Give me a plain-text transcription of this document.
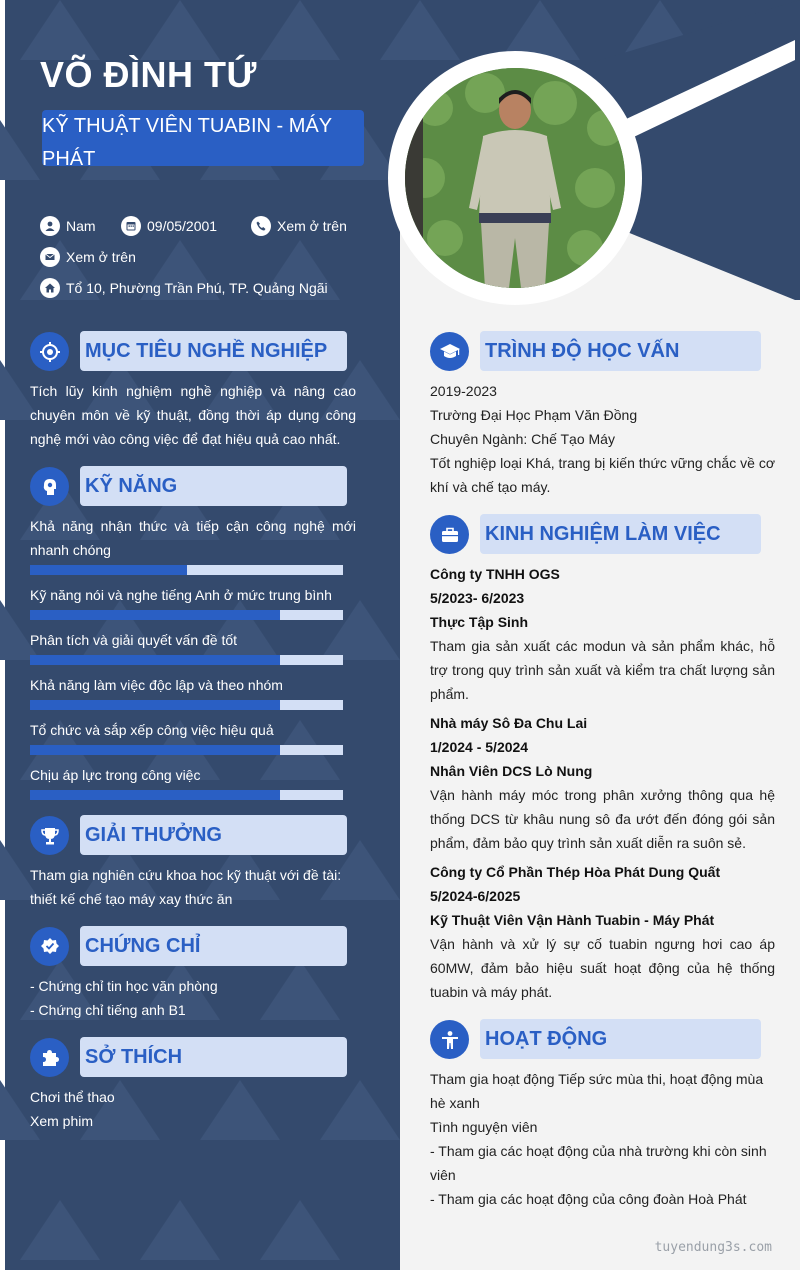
VÕ ĐÌNH TỨ
KỸ THUẬT VIÊN TUABIN - MÁY PHÁT
Nam	09/05/2001	Xem ở trên
Xem ở trên
Tổ 10, Phường Trần Phú, TP. Quảng Ngãi
MỤC TIÊU NGHỀ NGHIỆP
Tích lũy kinh nghiệm nghề nghiệp và nâng cao chuyên môn về kỹ thuật, đồng thời áp dụng công nghệ mới vào công việc để đạt hiệu quả cao nhất.
KỸ NĂNG
Khả năng nhận thức và tiếp cận công nghệ mới nhanh chóng
Kỹ năng nói và nghe tiếng Anh ở mức trung bình
Phân tích và giải quyết vấn đề tốt
Khả năng làm việc độc lập và theo nhóm
Tổ chức và sắp xếp công việc hiệu quả
Chịu áp lực trong công việc
GIẢI THƯỞNG
Tham gia nghiên cứu khoa hoc kỹ thuật với đề tài: thiết kế chế tạo máy xay thức ăn
CHỨNG CHỈ
- Chứng chỉ tin học văn phòng
- Chứng chỉ tiếng anh B1
SỞ THÍCH
Chơi thể thao
Xem phim
TRÌNH ĐỘ HỌC VẤN
2019-2023
Trường Đại Học Phạm Văn Đồng
Chuyên Ngành: Chế Tạo Máy
Tốt nghiệp loại Khá, trang bị kiến thức vững chắc về cơ khí và chế tạo máy.
KINH NGHIỆM LÀM VIỆC
Công ty TNHH OGS
5/2023- 6/2023
Thực Tập Sinh
Tham gia sản xuất các modun và sản phẩm khác, hỗ trợ trong quy trình sản xuất và kiểm tra chất lượng sản phẩm.
Nhà máy Sô Đa Chu Lai
1/2024 - 5/2024
Nhân Viên DCS Lò Nung
Vận hành máy móc trong phân xưởng thông qua hệ thống DCS từ khâu nung sô đa ướt đến đóng gói sản phẩm, đảm bảo quy trình sản xuất diễn ra suôn sẻ.
Công ty Cổ Phần Thép Hòa Phát Dung Quất
5/2024-6/2025
Kỹ Thuật Viên Vận Hành Tuabin - Máy Phát
Vận hành và xử lý sự cố tuabin ngưng hơi cao áp 60MW, đảm bảo hiệu suất hoạt động của hệ thống tuabin và máy phát.
HOẠT ĐỘNG
Tham gia hoạt động Tiếp sức mùa thi, hoạt động mùa hè xanh
Tình nguyện viên
- Tham gia các hoạt động của nhà trường khi còn sinh viên
- Tham gia các hoạt động của công đoàn Hoà Phát
tuyendung3s.com
